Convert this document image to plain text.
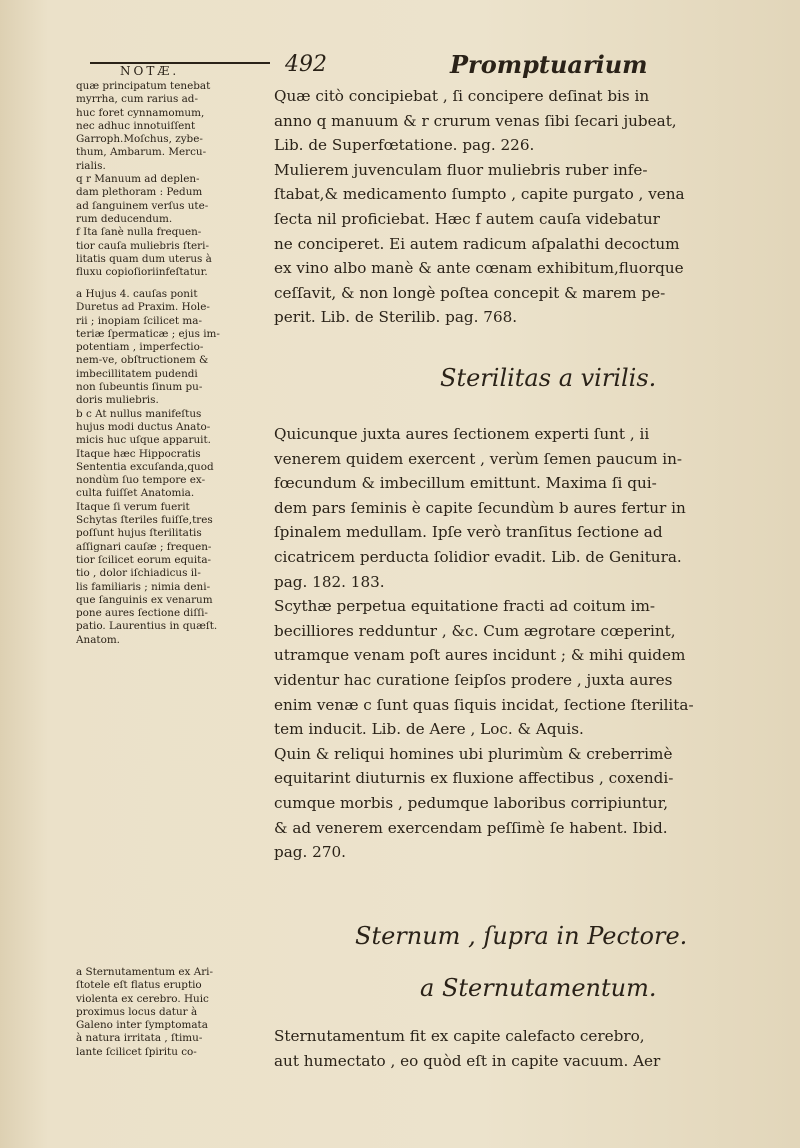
NOTÆ.	492	Promptuarium
quæ principatum tenebat
myrrha, cum rarius ad-
huc foret cynnamomum,
nec adhuc innotuiſſent
Garroph.Moſchus, zybe-
thum, Ambarum. Mercu-
rialis.
q r Manuum ad deplen-
dam plethoram : Pedum
ad ſanguinem verſus ute-
rum deducendum.
f Ita ſanè nulla frequen-
tior cauſa muliebris ſteri-
litatis quam dum uterus à
fluxu copioſioriinfeſtatur.
a Hujus 4. cauſas ponit
Duretus ad Praxim. Hole-
rii ; inopiam ſcilicet ma-
teriæ ſpermaticæ ; ejus im-
potentiam , imperfectio-
nem-ve, obſtructionem &
imbecillitatem pudendi
non ſubeuntis ſinum pu-
doris muliebris.
b c At nullus manifeſtus
hujus modi ductus Anato-
micis huc uſque apparuit.
Itaque hæc Hippocratis
Sententia excuſanda,quod
nondùm ſuo tempore ex-
culta fuiſſet Anatomia.
Itaque ſi verum fuerit
Schytas ſteriles fuiſſe,tres
poſſunt hujus ſterilitatis
aſſignari cauſæ ; frequen-
tior ſcilicet eorum equita-
tio , dolor iſchiadicus il-
lis familiaris ; nimia deni-
que ſanguinis ex venarum
pone aures ſectione diſſi-
patio. Laurentius in quæſt.
Anatom.
a Sternutamentum ex Ari-
ſtotele eſt flatus eruptio
violenta ex cerebro. Huic
proximus locus datur à
Galeno inter ſymptomata
à natura irritata , ſtimu-
lante ſcilicet ſpiritu co-
Quæ citò concipiebat , ſi concipere deſinat bis in
anno q manuum & r crurum venas ſibi ſecari jubeat,
Lib. de Superfœtatione. pag. 226.
Mulierem juvenculam fluor muliebris ruber infe-
ſtabat,& medicamento ſumpto , capite purgato , vena
ſecta nil proficiebat. Hæc f autem cauſa videbatur
ne conciperet. Ei autem radicum aſpalathi decoctum
ex vino albo manè & ante cœnam exhibitum,fluorque
ceſſavit, & non longè poſtea concepit & marem pe-
perit. Lib. de Sterilib. pag. 768.
Sterilitas a virilis.
Quicunque juxta aures ſectionem experti ſunt , ii
venerem quidem exercent , verùm ſemen paucum in-
fœcundum & imbecillum emittunt. Maxima ſi qui-
dem pars ſeminis è capite ſecundùm b aures fertur in
ſpinalem medullam. Ipſe verò tranſitus ſectione ad
cicatricem perducta ſolidior evadit. Lib. de Genitura.
pag. 182. 183.
Scythæ perpetua equitatione fracti ad coitum im-
becilliores redduntur , &c. Cum ægrotare cœperint,
utramque venam poſt aures incidunt ; & mihi quidem
videntur hac curatione ſeipſos prodere , juxta aures
enim venæ c ſunt quas ſiquis incidat, ſectione ſterilita-
tem inducit. Lib. de Aere , Loc. & Aquis.
Quin & reliqui homines ubi plurimùm & creberrimè
equitarint diuturnis ex fluxione affectibus , coxendi-
cumque morbis , pedumque laboribus corripiuntur,
& ad venerem exercendam peſſimè ſe habent. Ibid.
pag. 270.
Sternum , ſupra in Pectore.
a Sternutamentum.
Sternutamentum fit ex capite calefacto cerebro,
aut humectato , eo quòd eſt in capite vacuum. Aer
